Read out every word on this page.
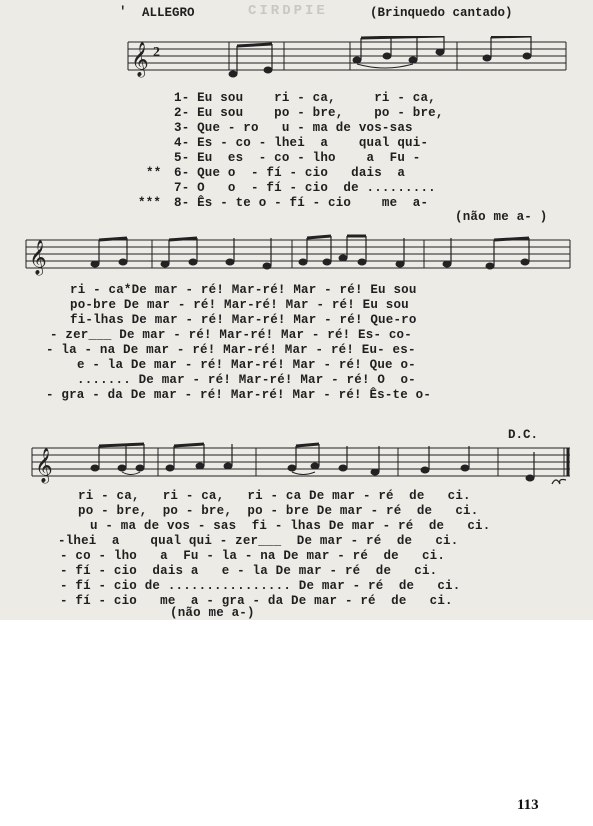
' ALLEGRO	CIRDPIE	(Brinquedo cantado)
𝄞 2
**
***
1- Eu sou    ri - ca,     ri - ca,
2- Eu sou    po - bre,    po - bre,
3- Que - ro   u - ma de vos-sas
4- Es - co - lhei  a    qual qui-
5- Eu  es  - co - lho    a  Fu -
6- Que o  - fí - cio   dais  a
7- O   o  - fí - cio  de .........
8- Ês - te o - fí - cio    me  a-
(não me a- )
𝄞
ri - ca*De mar - ré! Mar-ré! Mar - ré! Eu sou
po-bre De mar - ré! Mar-ré! Mar - ré! Eu sou
fi-lhas De mar - ré! Mar-ré! Mar - ré! Que-ro
- zer___ De mar - ré! Mar-ré! Mar - ré! Es- co-
- la - na De mar - ré! Mar-ré! Mar - ré! Eu- es-
e - la De mar - ré! Mar-ré! Mar - ré! Que o-
....... De mar - ré! Mar-ré! Mar - ré! O  o-
- gra - da De mar - ré! Mar-ré! Mar - ré! Ês-te o-
D.C.
𝄞
ri - ca,   ri - ca,   ri - ca De mar - ré  de   ci.
po - bre,  po - bre,  po - bre De mar - ré  de   ci.
u - ma de vos - sas  fi - lhas De mar - ré  de   ci.
-lhei  a    qual qui - zer___  De mar - ré  de   ci.
- co - lho   a  Fu - la - na De mar - ré  de   ci.
- fí - cio  dais a   e - la De mar - ré  de   ci.
- fí - cio de ................ De mar - ré  de   ci.
- fí - cio   me  a - gra - da De mar - ré  de   ci.
(não me a-)
113
